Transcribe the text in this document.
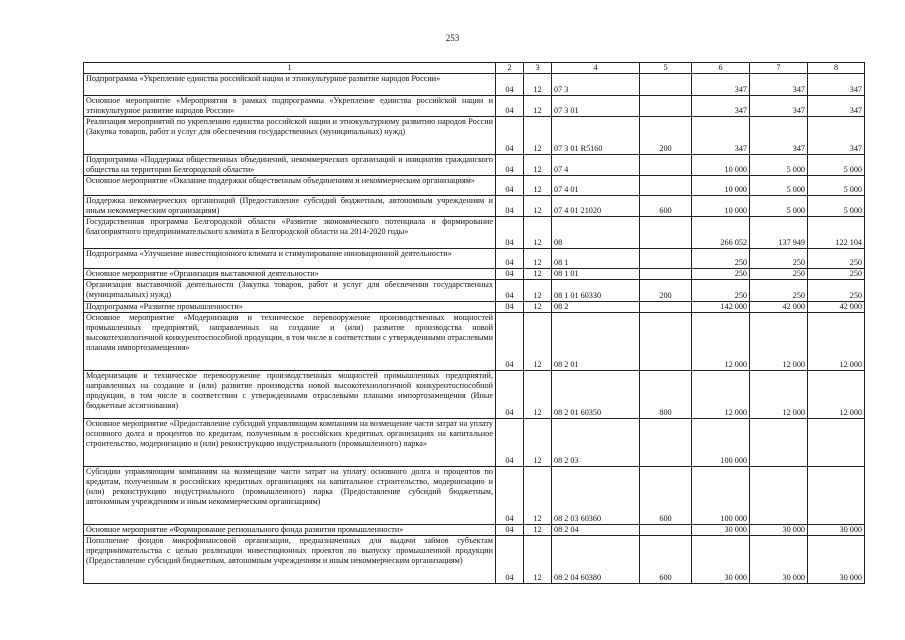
253
1	2	3	4	5	6	7	8
Подпрограмма «Укрепление единства российской нации и этнокультурное развитие народов России»	04	12	07 3		347	347	347
Основное мероприятие «Мероприятия в рамках подпрограммы «Укрепление единства российской нации и этнокультурное развитие народов России»	04	12	07 3 01		347	347	347
Реализация мероприятий по укреплению единства российской нации и этнокультурному развитию народов России (Закупка товаров, работ и услуг для обеспечения государственных (муниципальных) нужд)	04	12	07 3 01 R5160	200	347	347	347
Подпрограмма «Поддержка общественных объединений, некоммерческих организаций и инициатив гражданского общества на территории Белгородской области»	04	12	07 4		10 000	5 000	5 000
Основное мероприятие «Оказание поддержки общественным объединениям и некоммерческим организациям»	04	12	07 4 01		10 000	5 000	5 000
Поддержка некоммерческих организаций (Предоставление субсидий бюджетным, автономным учреждениям и иным некоммерческим организациям)	04	12	07 4 01 21020	600	10 000	5 000	5 000
Государственная программа Белгородской области «Развитие экономического потенциала и формирование благоприятного предпринимательского климата в Белгородской области на 2014-2020 годы»	04	12	08		266 052	137 949	122 104
Подпрограмма «Улучшение инвестиционного климата и стимулирование инновационной деятельности»	04	12	08 1		250	250	250
Основное мероприятие «Организация выставочной деятельности»	04	12	08 1 01		250	250	250
Организация выставочной деятельности (Закупка товаров, работ и услуг для обеспечения государственных (муниципальных) нужд)	04	12	08 1 01 60330	200	250	250	250
Подпрограмма «Развитие промышленности»	04	12	08 2		142 000	42 000	42 000
Основное мероприятие «Модернизация и техническое перевооружение производственных мощностей промышленных предприятий, направленных на создание и (или) развитие производства новой высокотехнологичной конкурентоспособной продукции, в том числе в соответствии с утвержденными отраслевыми планами импортозамещения»	04	12	08 2 01		12 000	12 000	12 000
Модернизация и техническое перевооружение производственных мощностей промышленных предприятий, направленных на создание и (или) развитие производства новой высокотехнологичной конкурентоспособной продукции, в том числе в соответствии с утвержденными отраслевыми планами импортозамещения (Иные бюджетные ассигнования)	04	12	08 2 01 60350	800	12 000	12 000	12 000
Основное мероприятие «Предоставление субсидий управляющим компаниям на возмещение части затрат на уплату основного долга и процентов по кредитам, полученным в российских кредитных организациях на капитальное строительство, модернизацию и (или) реконструкцию индустриального (промышленного) парка»	04	12	08 2 03		100 000		
Субсидии управляющим компаниям на возмещение части затрат на уплату основного долга и процентов по кредитам, полученным в российских кредитных организациях на капитальное строительство, модернизацию и (или) реконструкцию индустриального (промышленного) парка (Предоставление субсидий бюджетным, автономным учреждениям и иным некоммерческим организациям)	04	12	08 2 03 60360	600	100 000		
Основное мероприятие «Формирование регионального фонда развития промышленности»	04	12	08 2 04		30 000	30 000	30 000
Пополнение фондов микрофинансовой организации, предназначенных для выдачи займов субъектам предпринимательства с целью реализации инвестиционных проектов по выпуску промышленной продукции (Предоставление субсидий бюджетным, автономным учреждениям и иным некоммерческим организациям)	04	12	08 2 04 60380	600	30 000	30 000	30 000
